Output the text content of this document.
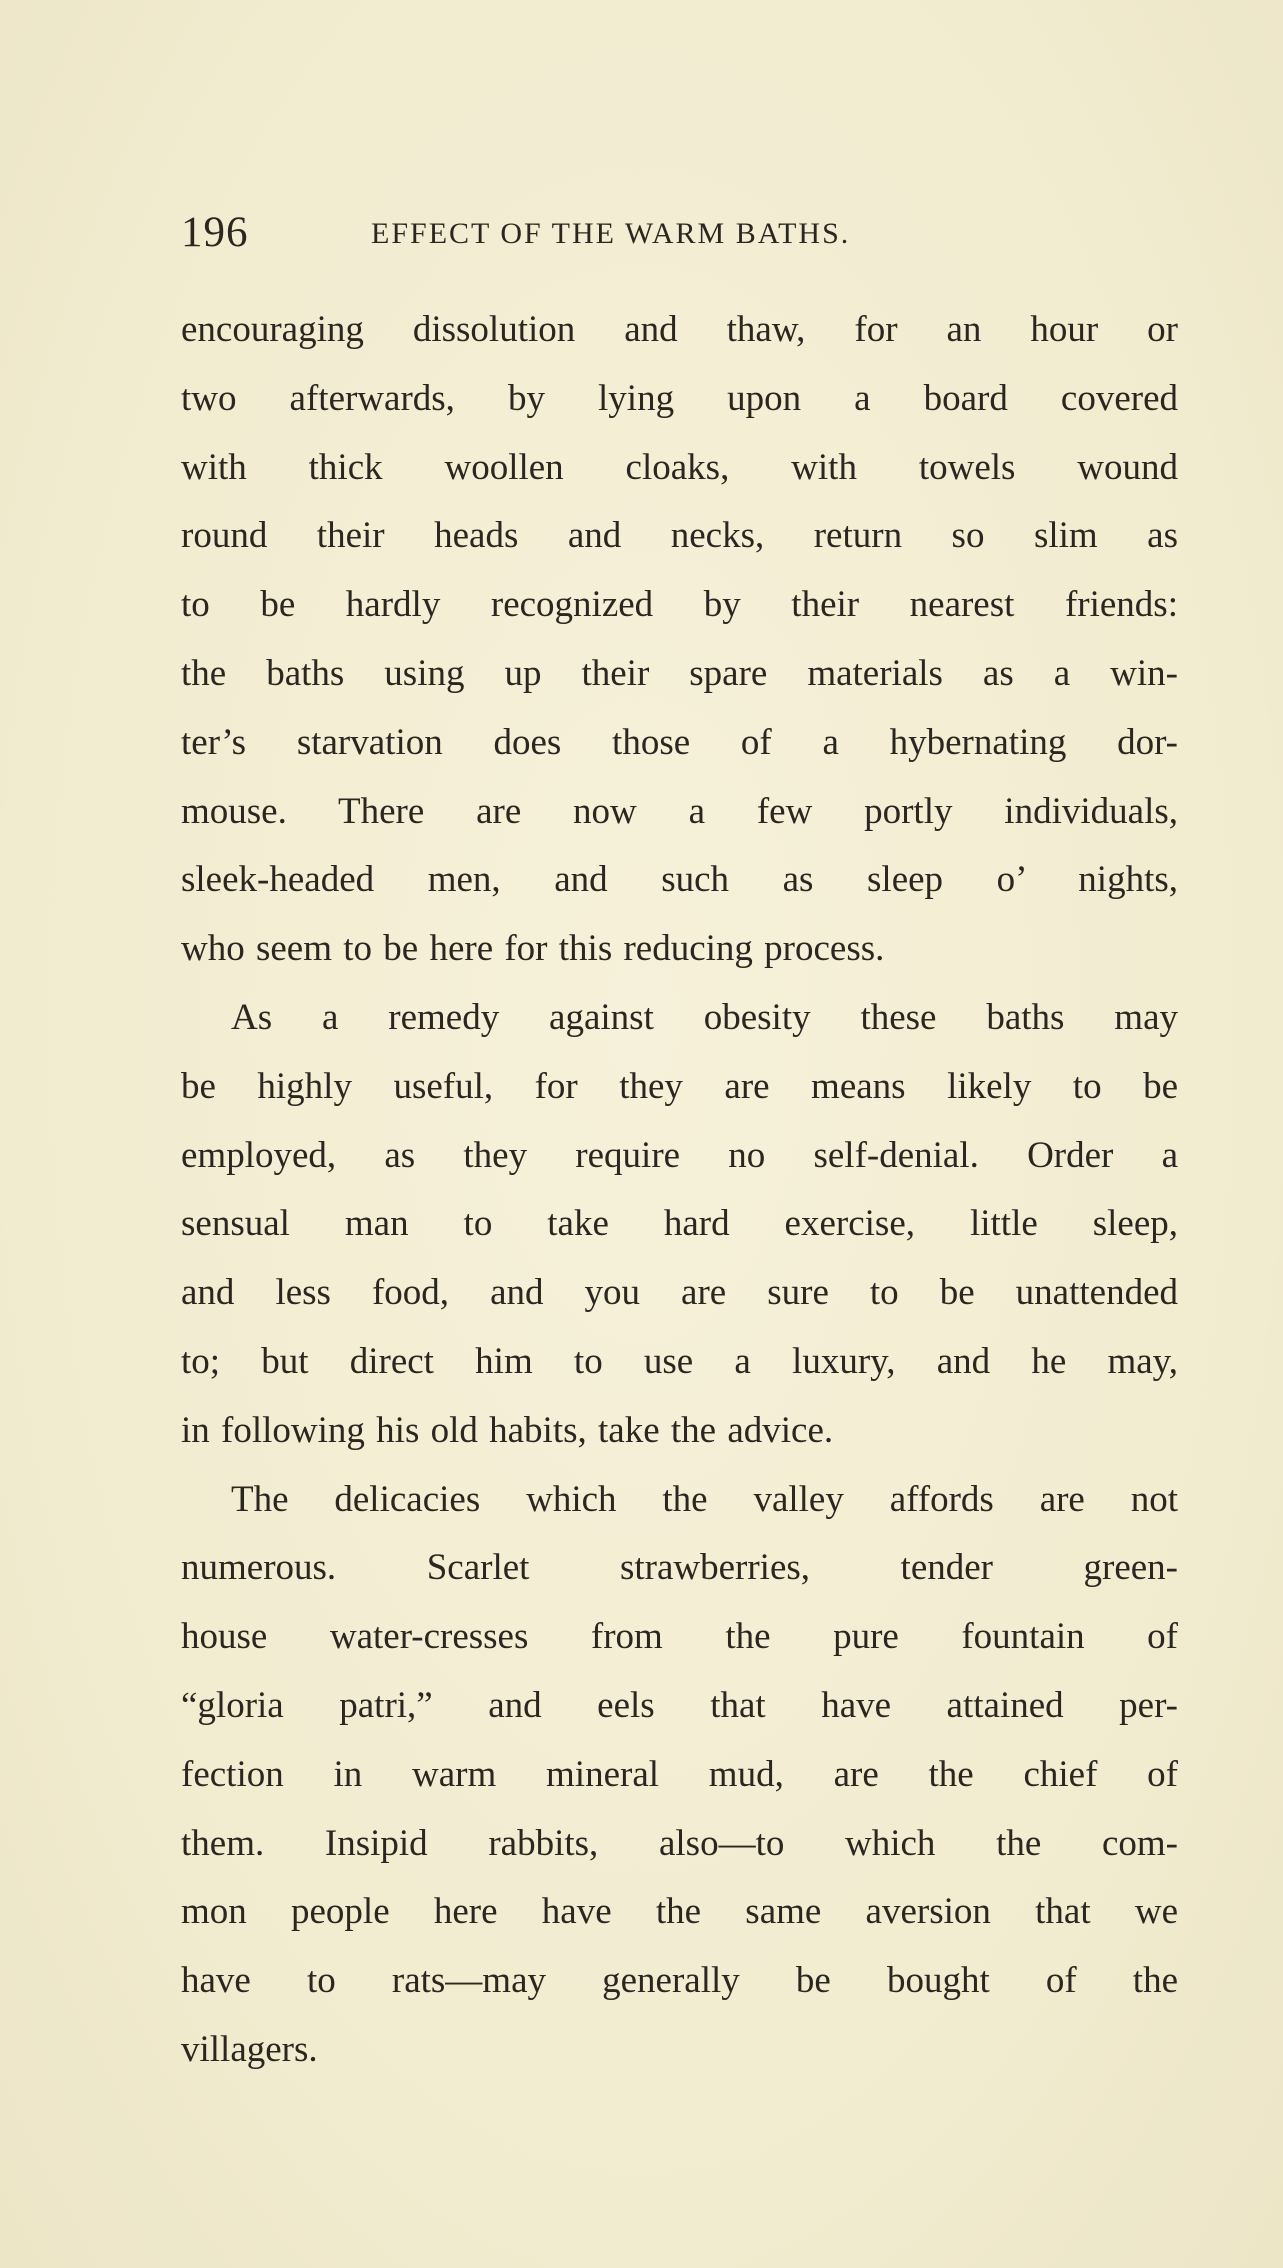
196	EFFECT OF THE WARM BATHS.
encouraging dissolution and thaw, for an hour or
two afterwards, by lying upon a board covered
with thick woollen cloaks, with towels wound
round their heads and necks, return so slim as
to be hardly recognized by their nearest friends:
the baths using up their spare materials as a win-
ter’s starvation does those of a hybernating dor-
mouse. There are now a few portly individuals,
sleek-headed men, and such as sleep o’ nights,
who seem to be here for this reducing process.
As a remedy against obesity these baths may
be highly useful, for they are means likely to be
employed, as they require no self-denial. Order a
sensual man to take hard exercise, little sleep,
and less food, and you are sure to be unattended
to; but direct him to use a luxury, and he may,
in following his old habits, take the advice.
The delicacies which the valley affords are not
numerous. Scarlet strawberries, tender green-
house water-cresses from the pure fountain of
“gloria patri,” and eels that have attained per-
fection in warm mineral mud, are the chief of
them. Insipid rabbits, also—to which the com-
mon people here have the same aversion that we
have to rats—may generally be bought of the
villagers.
